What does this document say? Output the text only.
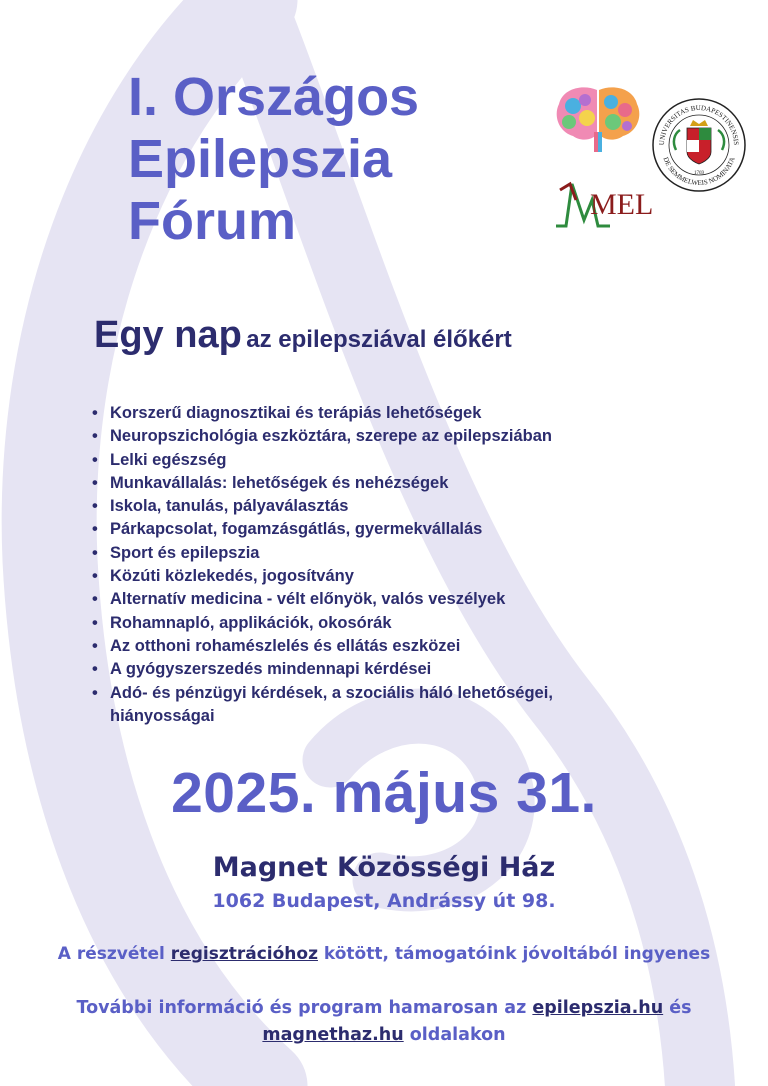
I. Országos
Epilepszia
Fórum	MEL
UNIVERSITAS BUDAPESTINENSIS
DE SEMMELWEIS NOMINATA
1769
Egy nap az epilepsziával élőkért
• Korszerű diagnosztikai és terápiás lehetőségek
• Neuropszichológia eszköztára, szerepe az epilepsziában
• Lelki egészség
• Munkavállalás: lehetőségek és nehézségek
• Iskola, tanulás, pályaválasztás
• Párkapcsolat, fogamzásgátlás, gyermekvállalás
• Sport és epilepszia
• Közúti közlekedés, jogosítvány
• Alternatív medicina - vélt előnyök, valós veszélyek
• Rohamnapló, applikációk, okosórák
• Az otthoni rohamészlelés és ellátás eszközei
• A gyógyszerszedés mindennapi kérdései
• Adó- és pénzügyi kérdések, a szociális háló lehetőségei, hiányosságai
2025. május 31.
Magnet Közösségi Ház
1062 Budapest, Andrássy út 98.
A részvétel regisztrációhoz kötött, támogatóink jóvoltából ingyenes
További információ és program hamarosan az epilepszia.hu és
magnethaz.hu oldalakon
